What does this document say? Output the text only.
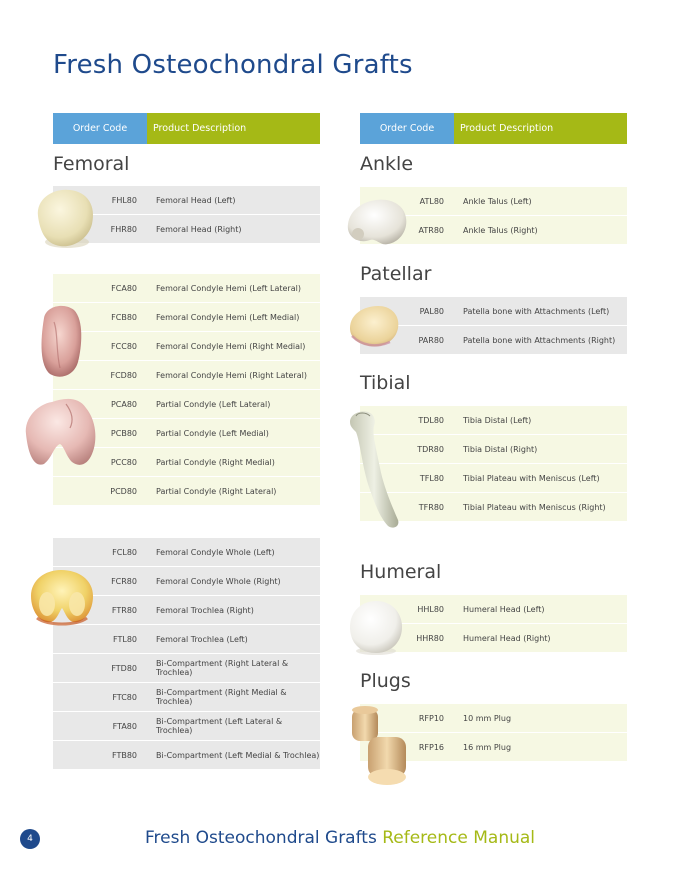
Fresh Osteochondral Grafts
Order Code	Product Description
Femoral
FHL80	Femoral Head (Left)
FHR80	Femoral Head (Right)
FCA80	Femoral Condyle Hemi (Left Lateral)
FCB80	Femoral Condyle Hemi (Left Medial)
FCC80	Femoral Condyle Hemi (Right Medial)
FCD80	Femoral Condyle Hemi (Right Lateral)
PCA80	Partial Condyle (Left Lateral)
PCB80	Partial Condyle (Left Medial)
PCC80	Partial Condyle (Right Medial)
PCD80	Partial Condyle (Right Lateral)
FCL80	Femoral Condyle Whole (Left)
FCR80	Femoral Condyle Whole (Right)
FTR80	Femoral Trochlea (Right)
FTL80	Femoral Trochlea (Left)
FTD80	Bi-Compartment (Right Lateral & Trochlea)
FTC80	Bi-Compartment (Right Medial & Trochlea)
FTA80	Bi-Compartment (Left Lateral & Trochlea)
FTB80	Bi-Compartment (Left Medial & Trochlea)
Order Code	Product Description
Ankle
ATL80	Ankle Talus (Left)
ATR80	Ankle Talus (Right)
Patellar
PAL80	Patella bone with Attachments (Left)
PAR80	Patella bone with Attachments (Right)
Tibial
TDL80	Tibia Distal (Left)
TDR80	Tibia Distal (Right)
TFL80	Tibial Plateau with Meniscus (Left)
TFR80	Tibial Plateau with Meniscus (Right)
Humeral
HHL80	Humeral Head (Left)
HHR80	Humeral Head (Right)
Plugs
RFP10	10 mm Plug
RFP16	16 mm Plug
4	Fresh Osteochondral Grafts Reference Manual
